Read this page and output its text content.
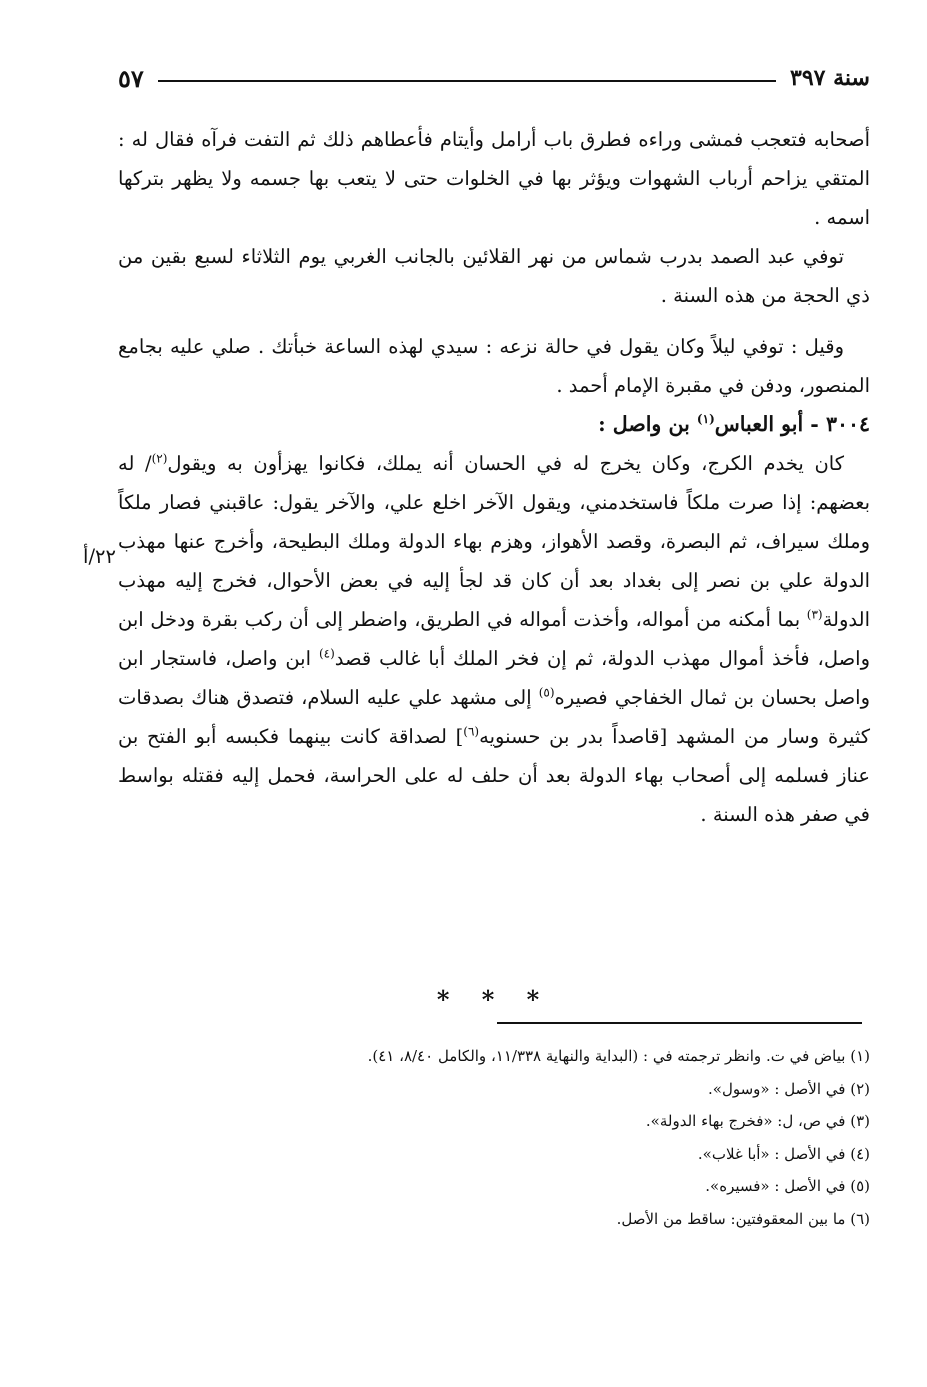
سنة ٣٩٧
٥٧

أصحابه فتعجب فمشى وراءه فطرق باب أرامل وأيتام فأعطاهم ذلك ثم التفت فرآه فقال له : المتقي يزاحم أرباب الشهوات ويؤثر بها في الخلوات حتى لا يتعب بها جسمه ولا يظهر بتركها اسمه .

توفي عبد الصمد بدرب شماس من نهر القلائين بالجانب الغربي يوم الثلاثاء لسبع بقين من ذي الحجة من هذه السنة .

وقيل : توفي ليلاً وكان يقول في حالة نزعه : سيدي لهذه الساعة خبأتك . صلي عليه بجامع المنصور، ودفن في مقبرة الإمام أحمد .

٣٠٠٤ - أبو العباس$^{(١)}$ بن واصل :

كان يخدم الكرج، وكان يخرج له في الحسان أنه يملك، فكانوا يهزأون به ويقول$^{(٢)}$/ له بعضهم: إذا صرت ملكاً فاستخدمني، ويقول الآخر اخلع علي، والآخر يقول: عاقبني فصار ملكاً وملك سيراف، ثم البصرة، وقصد الأهواز، وهزم بهاء الدولة وملك البطيحة، وأخرج عنها مهذب الدولة علي بن نصر إلى بغداد بعد أن كان قد لجأ إليه في بعض الأحوال، فخرج إليه مهذب الدولة$^{(٣)}$ بما أمكنه من أمواله، وأخذت أمواله في الطريق، واضطر إلى أن ركب بقرة ودخل ابن واصل، فأخذ أموال مهذب الدولة، ثم إن فخر الملك أبا غالب قصد$^{(٤)}$ ابن واصل، فاستجار ابن واصل بحسان بن ثمال الخفاجي فصيره$^{(٥)}$ إلى مشهد علي عليه السلام، فتصدق هناك بصدقات كثيرة وسار من المشهد [قاصداً بدر بن حسنويه$^{(٦)}$] لصداقة كانت بينهما فكبسه أبو الفتح بن عناز فسلمه إلى أصحاب بهاء الدولة بعد أن حلف له على الحراسة، فحمل إليه فقتله بواسط في صفر هذه السنة .

٢٢/أ
* * *

(١) بياض في ت. وانظر ترجمته في : (البداية والنهاية ١١/٣٣٨، والكامل ٨/٤٠، ٤١).

(٢) في الأصل : «وسول».

(٣) في ص، ل: «فخرج بهاء الدولة».

(٤) في الأصل : «أبا غلاب».

(٥) في الأصل : «فسيره».

(٦) ما بين المعقوفتين: ساقط من الأصل.
